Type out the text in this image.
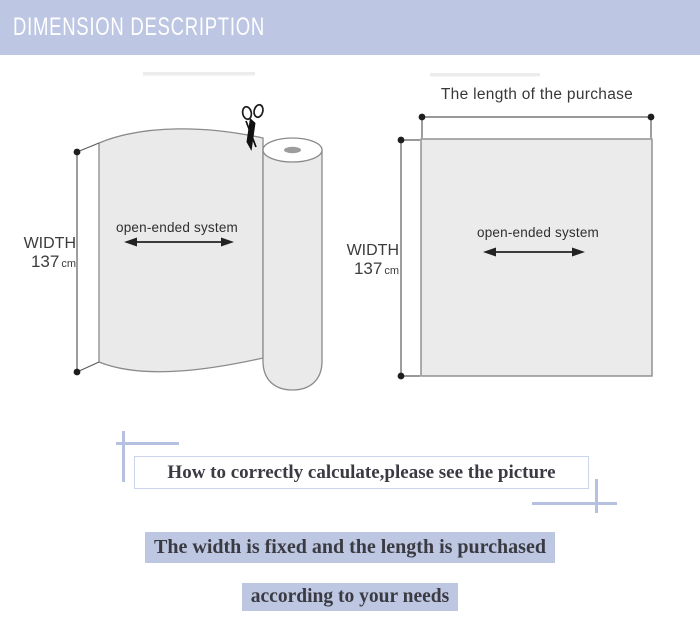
DIMENSION DESCRIPTION
open-ended system
WIDTH
137 cm
The length of the purchase
open-ended system
WIDTH
137 cm
How to correctly calculate,please see the picture
The width is fixed and the length is purchased
according to your needs
